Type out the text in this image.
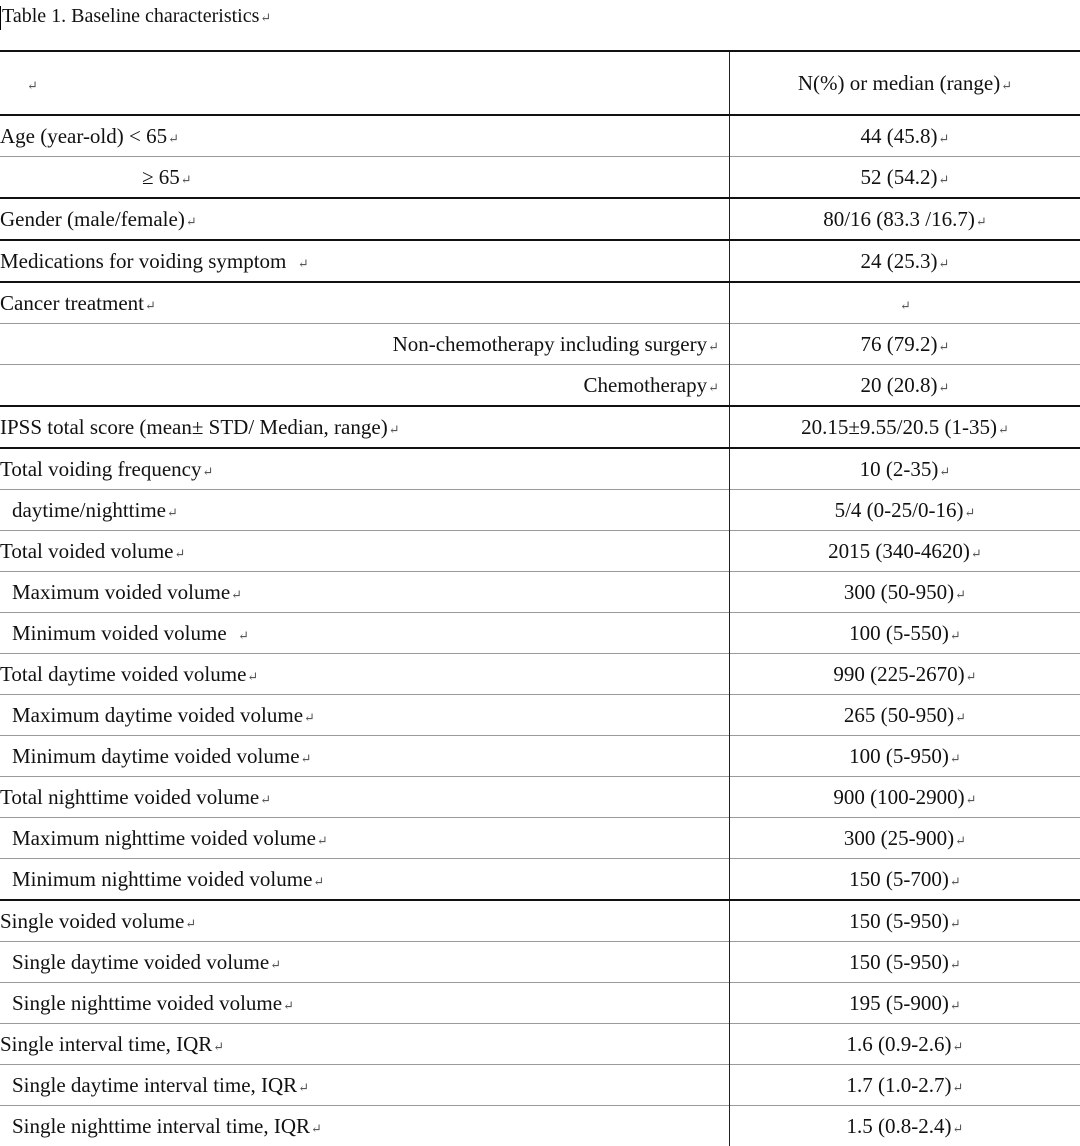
Table 1. Baseline characteristics↵
↵	N(%) or median (range)↵
Age (year-old) < 65↵	44 (45.8)↵
≥ 65↵	52 (54.2)↵
Gender (male/female)↵	80/16 (83.3 /16.7)↵
Medications for voiding symptom ↵	24 (25.3)↵
Cancer treatment↵	↵
Non-chemotherapy including surgery↵	76 (79.2)↵
Chemotherapy↵	20 (20.8)↵
IPSS total score (mean± STD/ Median, range)↵	20.15±9.55/20.5 (1-35)↵
Total voiding frequency↵	10 (2-35)↵
daytime/nighttime↵	5/4 (0-25/0-16)↵
Total voided volume↵	2015 (340-4620)↵
Maximum voided volume↵	300 (50-950)↵
Minimum voided volume ↵	100 (5-550)↵
Total daytime voided volume↵	990 (225-2670)↵
Maximum daytime voided volume↵	265 (50-950)↵
Minimum daytime voided volume↵	100 (5-950)↵
Total nighttime voided volume↵	900 (100-2900)↵
Maximum nighttime voided volume↵	300 (25-900)↵
Minimum nighttime voided volume↵	150 (5-700)↵
Single voided volume↵	150 (5-950)↵
Single daytime voided volume↵	150 (5-950)↵
Single nighttime voided volume↵	195 (5-900)↵
Single interval time, IQR↵	1.6 (0.9-2.6)↵
Single daytime interval time, IQR↵	1.7 (1.0-2.7)↵
Single nighttime interval time, IQR↵	1.5 (0.8-2.4)↵
